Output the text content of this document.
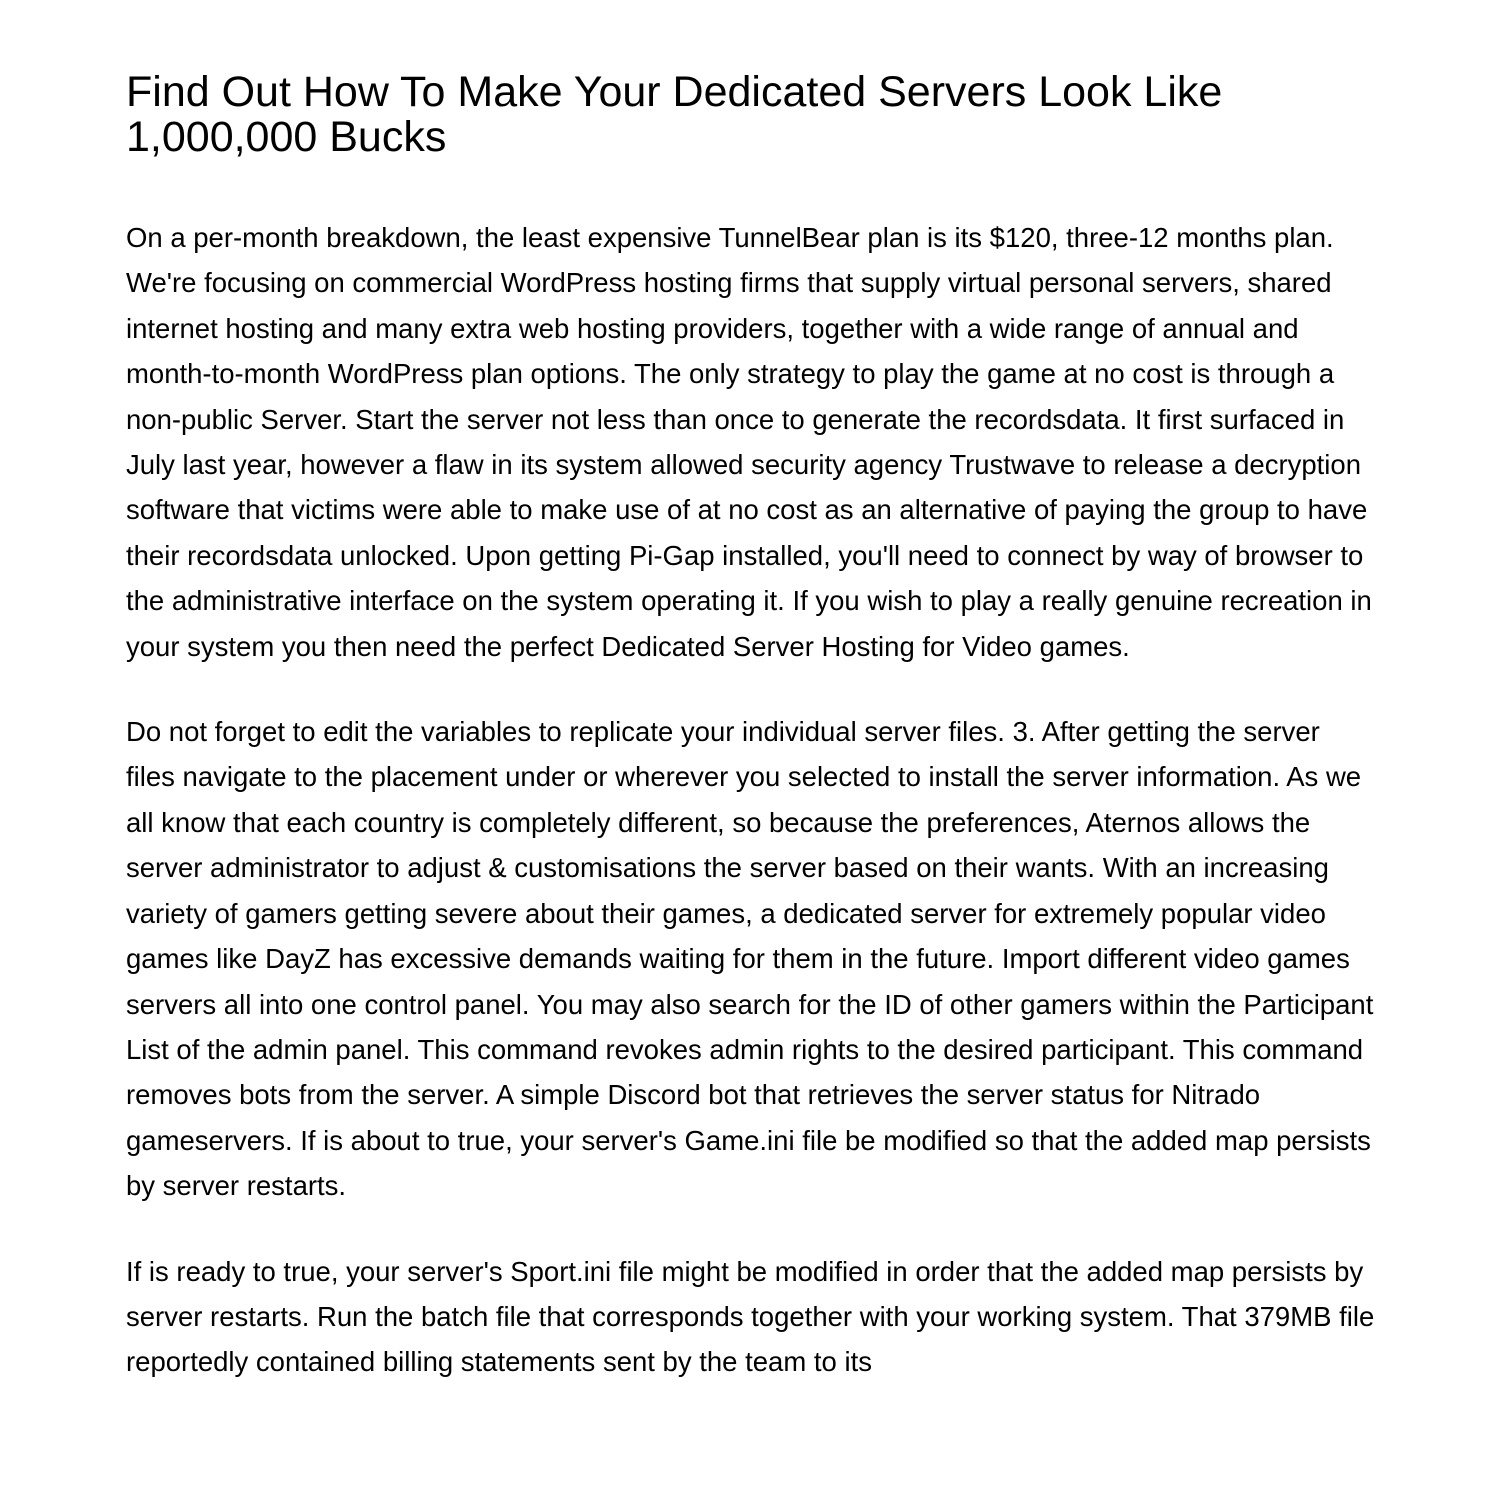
Find Out How To Make Your Dedicated Servers Look Like 1,000,000 Bucks

On a per-month breakdown, the least expensive TunnelBear plan is its $120, three-12 months plan. We're focusing on commercial WordPress hosting firms that supply virtual personal servers, shared internet hosting and many extra web hosting providers, together with a wide range of annual and month-to-month WordPress plan options. The only strategy to play the game at no cost is through a non-public Server. Start the server not less than once to generate the recordsdata. It first surfaced in July last year, however a flaw in its system allowed security agency Trustwave to release a decryption software that victims were able to make use of at no cost as an alternative of paying the group to have their recordsdata unlocked. Upon getting Pi-Gap installed, you'll need to connect by way of browser to the administrative interface on the system operating it. If you wish to play a really genuine recreation in your system you then need the perfect Dedicated Server Hosting for Video games.

Do not forget to edit the variables to replicate your individual server files. 3. After getting the server files navigate to the placement under or wherever you selected to install the server information. As we all know that each country is completely different, so because the preferences, Aternos allows the server administrator to adjust & customisations the server based on their wants. With an increasing variety of gamers getting severe about their games, a dedicated server for extremely popular video games like DayZ has excessive demands waiting for them in the future. Import different video games servers all into one control panel. You may also search for the ID of other gamers within the Participant List of the admin panel. This command revokes admin rights to the desired participant. This command removes bots from the server. A simple Discord bot that retrieves the server status for Nitrado gameservers. If is about to true, your server's Game.ini file be modified so that the added map persists by server restarts.

If is ready to true, your server's Sport.ini file might be modified in order that the added map persists by server restarts. Run the batch file that corresponds together with your working system. That 379MB file reportedly contained billing statements sent by the team to its
